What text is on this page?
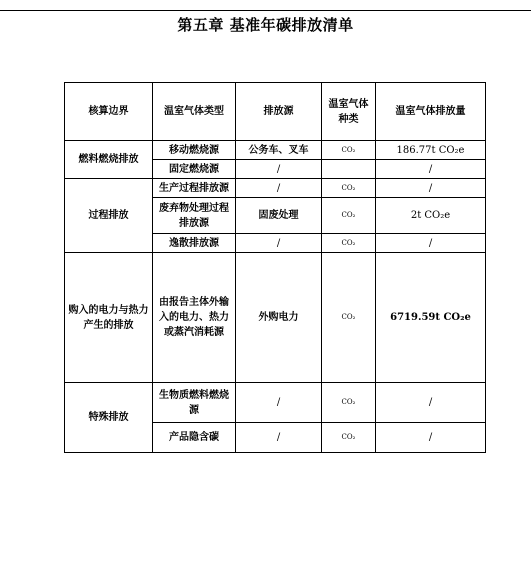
第五章 基准年碳排放清单
核算边界	温室气体类型	排放源	温室气体种类	温室气体排放量
燃料燃烧排放	移动燃烧源	公务车、叉车	CO₂	186.77t CO₂e
	固定燃烧源	/		/
过程排放	生产过程排放源	/	CO₂	/
	废弃物处理过程排放源	固废处理	CO₂	2t CO₂e
	逸散排放源	/	CO₂	/
购入的电力与热力产生的排放	由报告主体外输入的电力、热力或蒸汽消耗源	外购电力	CO₂	6719.59t CO₂e
特殊排放	生物质燃料燃烧源	/	CO₂	/
	产品隐含碳	/	CO₂	/
